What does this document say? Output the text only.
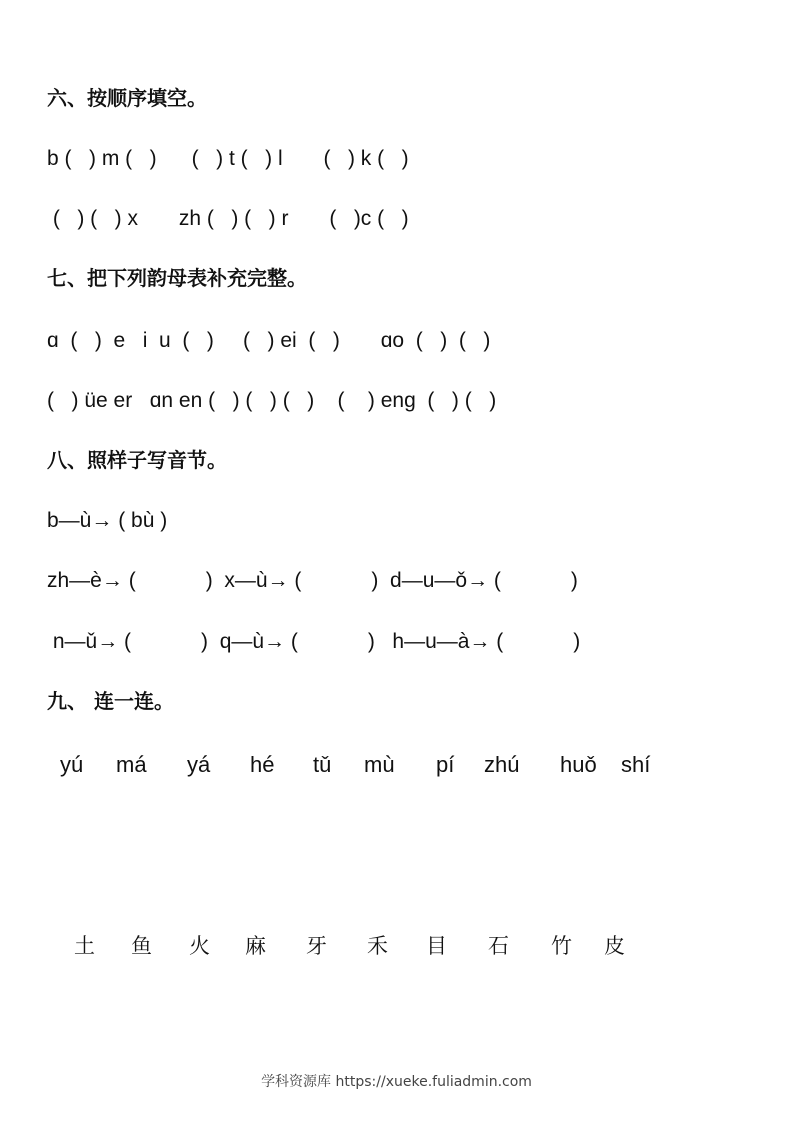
六、按顺序填空。
b (   ) m (   )      (   ) t (   ) l       (   ) k (   )
(   ) (   ) x       zh (   ) (   ) r       (   )c (   )
七、把下列韵母表补充完整。
ɑ  (   )  e   i  u  (   )     (   ) ei  (   )       ɑo  (   )  (   )
(   ) üe er   ɑn en (   ) (   ) (   )    (    ) eng  (   ) (   )
八、照样子写音节。
b—ù→ ( bù )
zh—è→ (            )  x—ù→ (            )  d—u—ǒ→ (            )
n—ǔ→ (            )  q—ù→ (            )   h—u—à→ (            )
九、 连一连。
yú má yá hé tǔ mù pí zhú huǒ shí
土 鱼 火 麻 牙 禾 目 石 竹 皮
学科资源库 https://xueke.fuliadmin.com
